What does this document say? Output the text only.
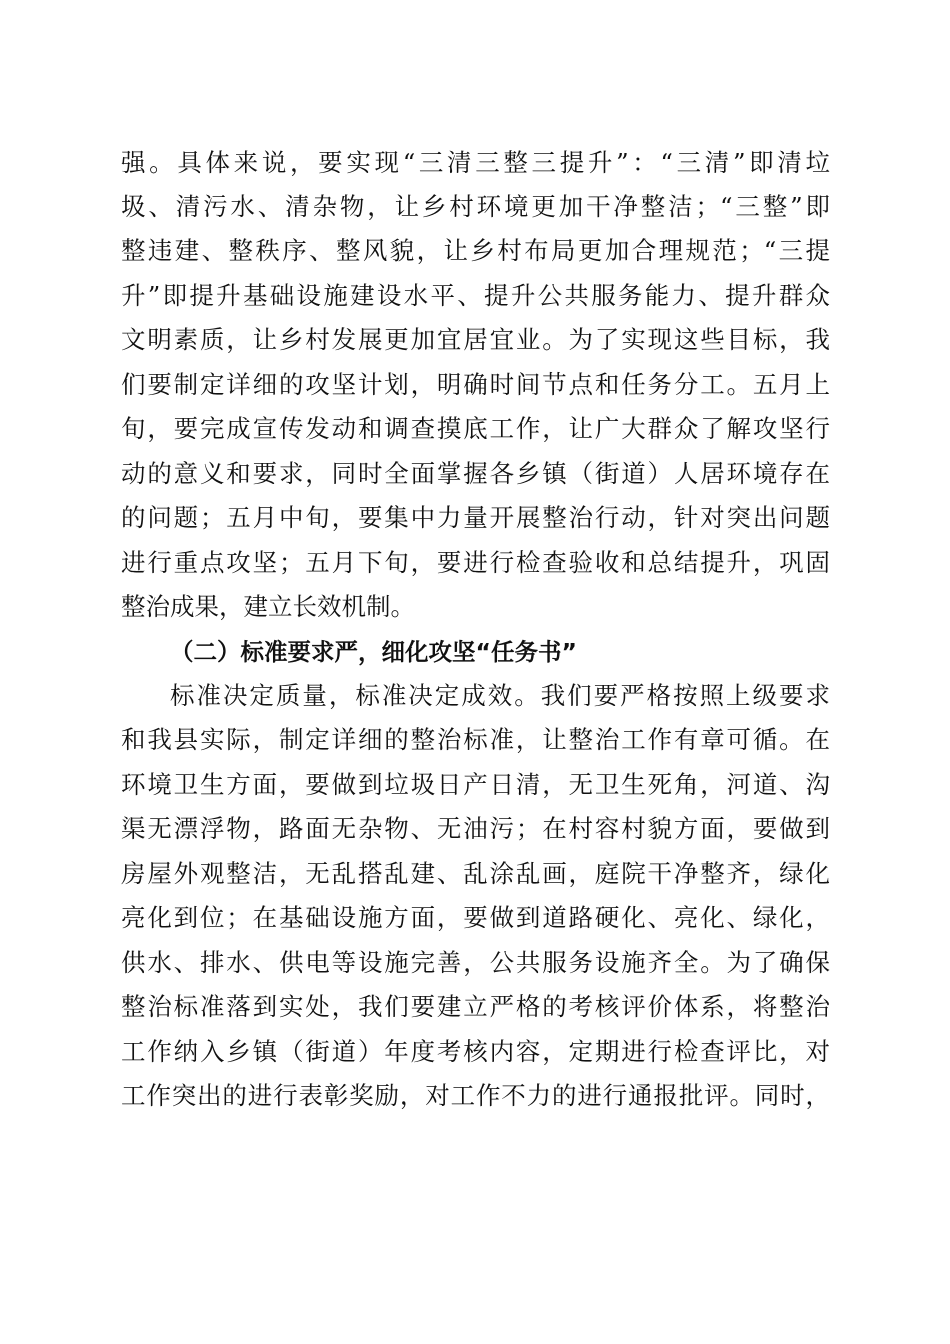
强。具体来说，要实现“三清三整三提升”：“三清”即清垃

圾、清污水、清杂物，让乡村环境更加干净整洁；“三整”即

整违建、整秩序、整风貌，让乡村布局更加合理规范；“三提

升”即提升基础设施建设水平、提升公共服务能力、提升群众

文明素质，让乡村发展更加宜居宜业。为了实现这些目标，我

们要制定详细的攻坚计划，明确时间节点和任务分工。五月上

旬，要完成宣传发动和调查摸底工作，让广大群众了解攻坚行

动的意义和要求，同时全面掌握各乡镇（街道）人居环境存在

的问题；五月中旬，要集中力量开展整治行动，针对突出问题

进行重点攻坚；五月下旬，要进行检查验收和总结提升，巩固

整治成果，建立长效机制。

（二）标准要求严，细化攻坚“任务书”

标准决定质量，标准决定成效。我们要严格按照上级要求

和我县实际，制定详细的整治标准，让整治工作有章可循。在

环境卫生方面，要做到垃圾日产日清，无卫生死角，河道、沟

渠无漂浮物，路面无杂物、无油污；在村容村貌方面，要做到

房屋外观整洁，无乱搭乱建、乱涂乱画，庭院干净整齐，绿化

亮化到位；在基础设施方面，要做到道路硬化、亮化、绿化，

供水、排水、供电等设施完善，公共服务设施齐全。为了确保

整治标准落到实处，我们要建立严格的考核评价体系，将整治

工作纳入乡镇（街道）年度考核内容，定期进行检查评比，对

工作突出的进行表彰奖励，对工作不力的进行通报批评。同时，
